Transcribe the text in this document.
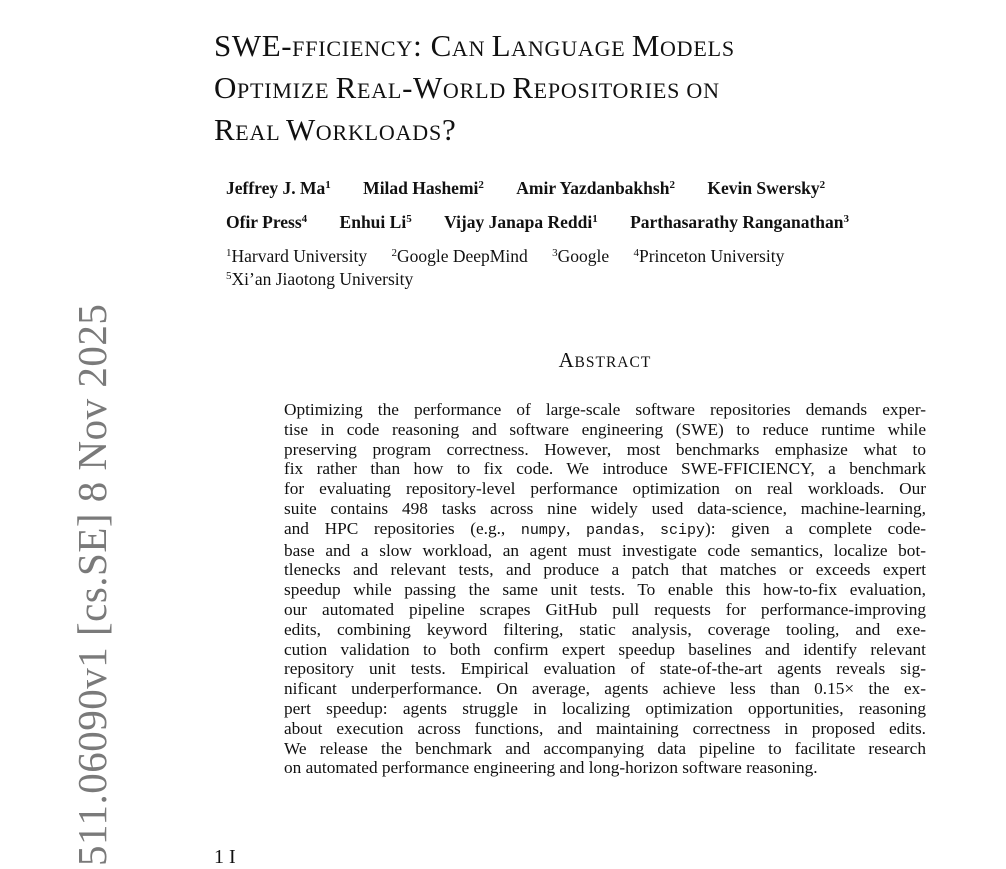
SWE-FFICIENCY: CAN LANGUAGE MODELS
OPTIMIZE REAL-WORLD REPOSITORIES ON
REAL WORKLOADS?
Jeffrey J. Ma$^1$ Milad Hashemi$^2$ Amir Yazdanbakhsh$^2$ Kevin Swersky$^2$
Ofir Press$^4$ Enhui Li$^5$ Vijay Janapa Reddi$^1$ Parthasarathy Ranganathan$^3$
$^1$Harvard University $^2$Google DeepMind $^3$Google $^4$Princeton University
$^5$Xi’an Jiaotong University
ABSTRACT
Optimizing the performance of large-scale software repositories demands exper-
tise in code reasoning and software engineering (SWE) to reduce runtime while
preserving program correctness. However, most benchmarks emphasize what to
fix rather than how to fix code. We introduce SWE-FFICIENCY, a benchmark
for evaluating repository-level performance optimization on real workloads. Our
suite contains 498 tasks across nine widely used data-science, machine-learning,
and HPC repositories (e.g., numpy, pandas, scipy): given a complete code-
base and a slow workload, an agent must investigate code semantics, localize bot-
tlenecks and relevant tests, and produce a patch that matches or exceeds expert
speedup while passing the same unit tests. To enable this how-to-fix evaluation,
our automated pipeline scrapes GitHub pull requests for performance-improving
edits, combining keyword filtering, static analysis, coverage tooling, and exe-
cution validation to both confirm expert speedup baselines and identify relevant
repository unit tests. Empirical evaluation of state-of-the-art agents reveals sig-
nificant underperformance. On average, agents achieve less than 0.15× the ex-
pert speedup: agents struggle in localizing optimization opportunities, reasoning
about execution across functions, and maintaining correctness in proposed edits.
We release the benchmark and accompanying data pipeline to facilitate research
on automated performance engineering and long-horizon software reasoning.
511.06090v1 [cs.SE] 8 Nov 2025	1 I
